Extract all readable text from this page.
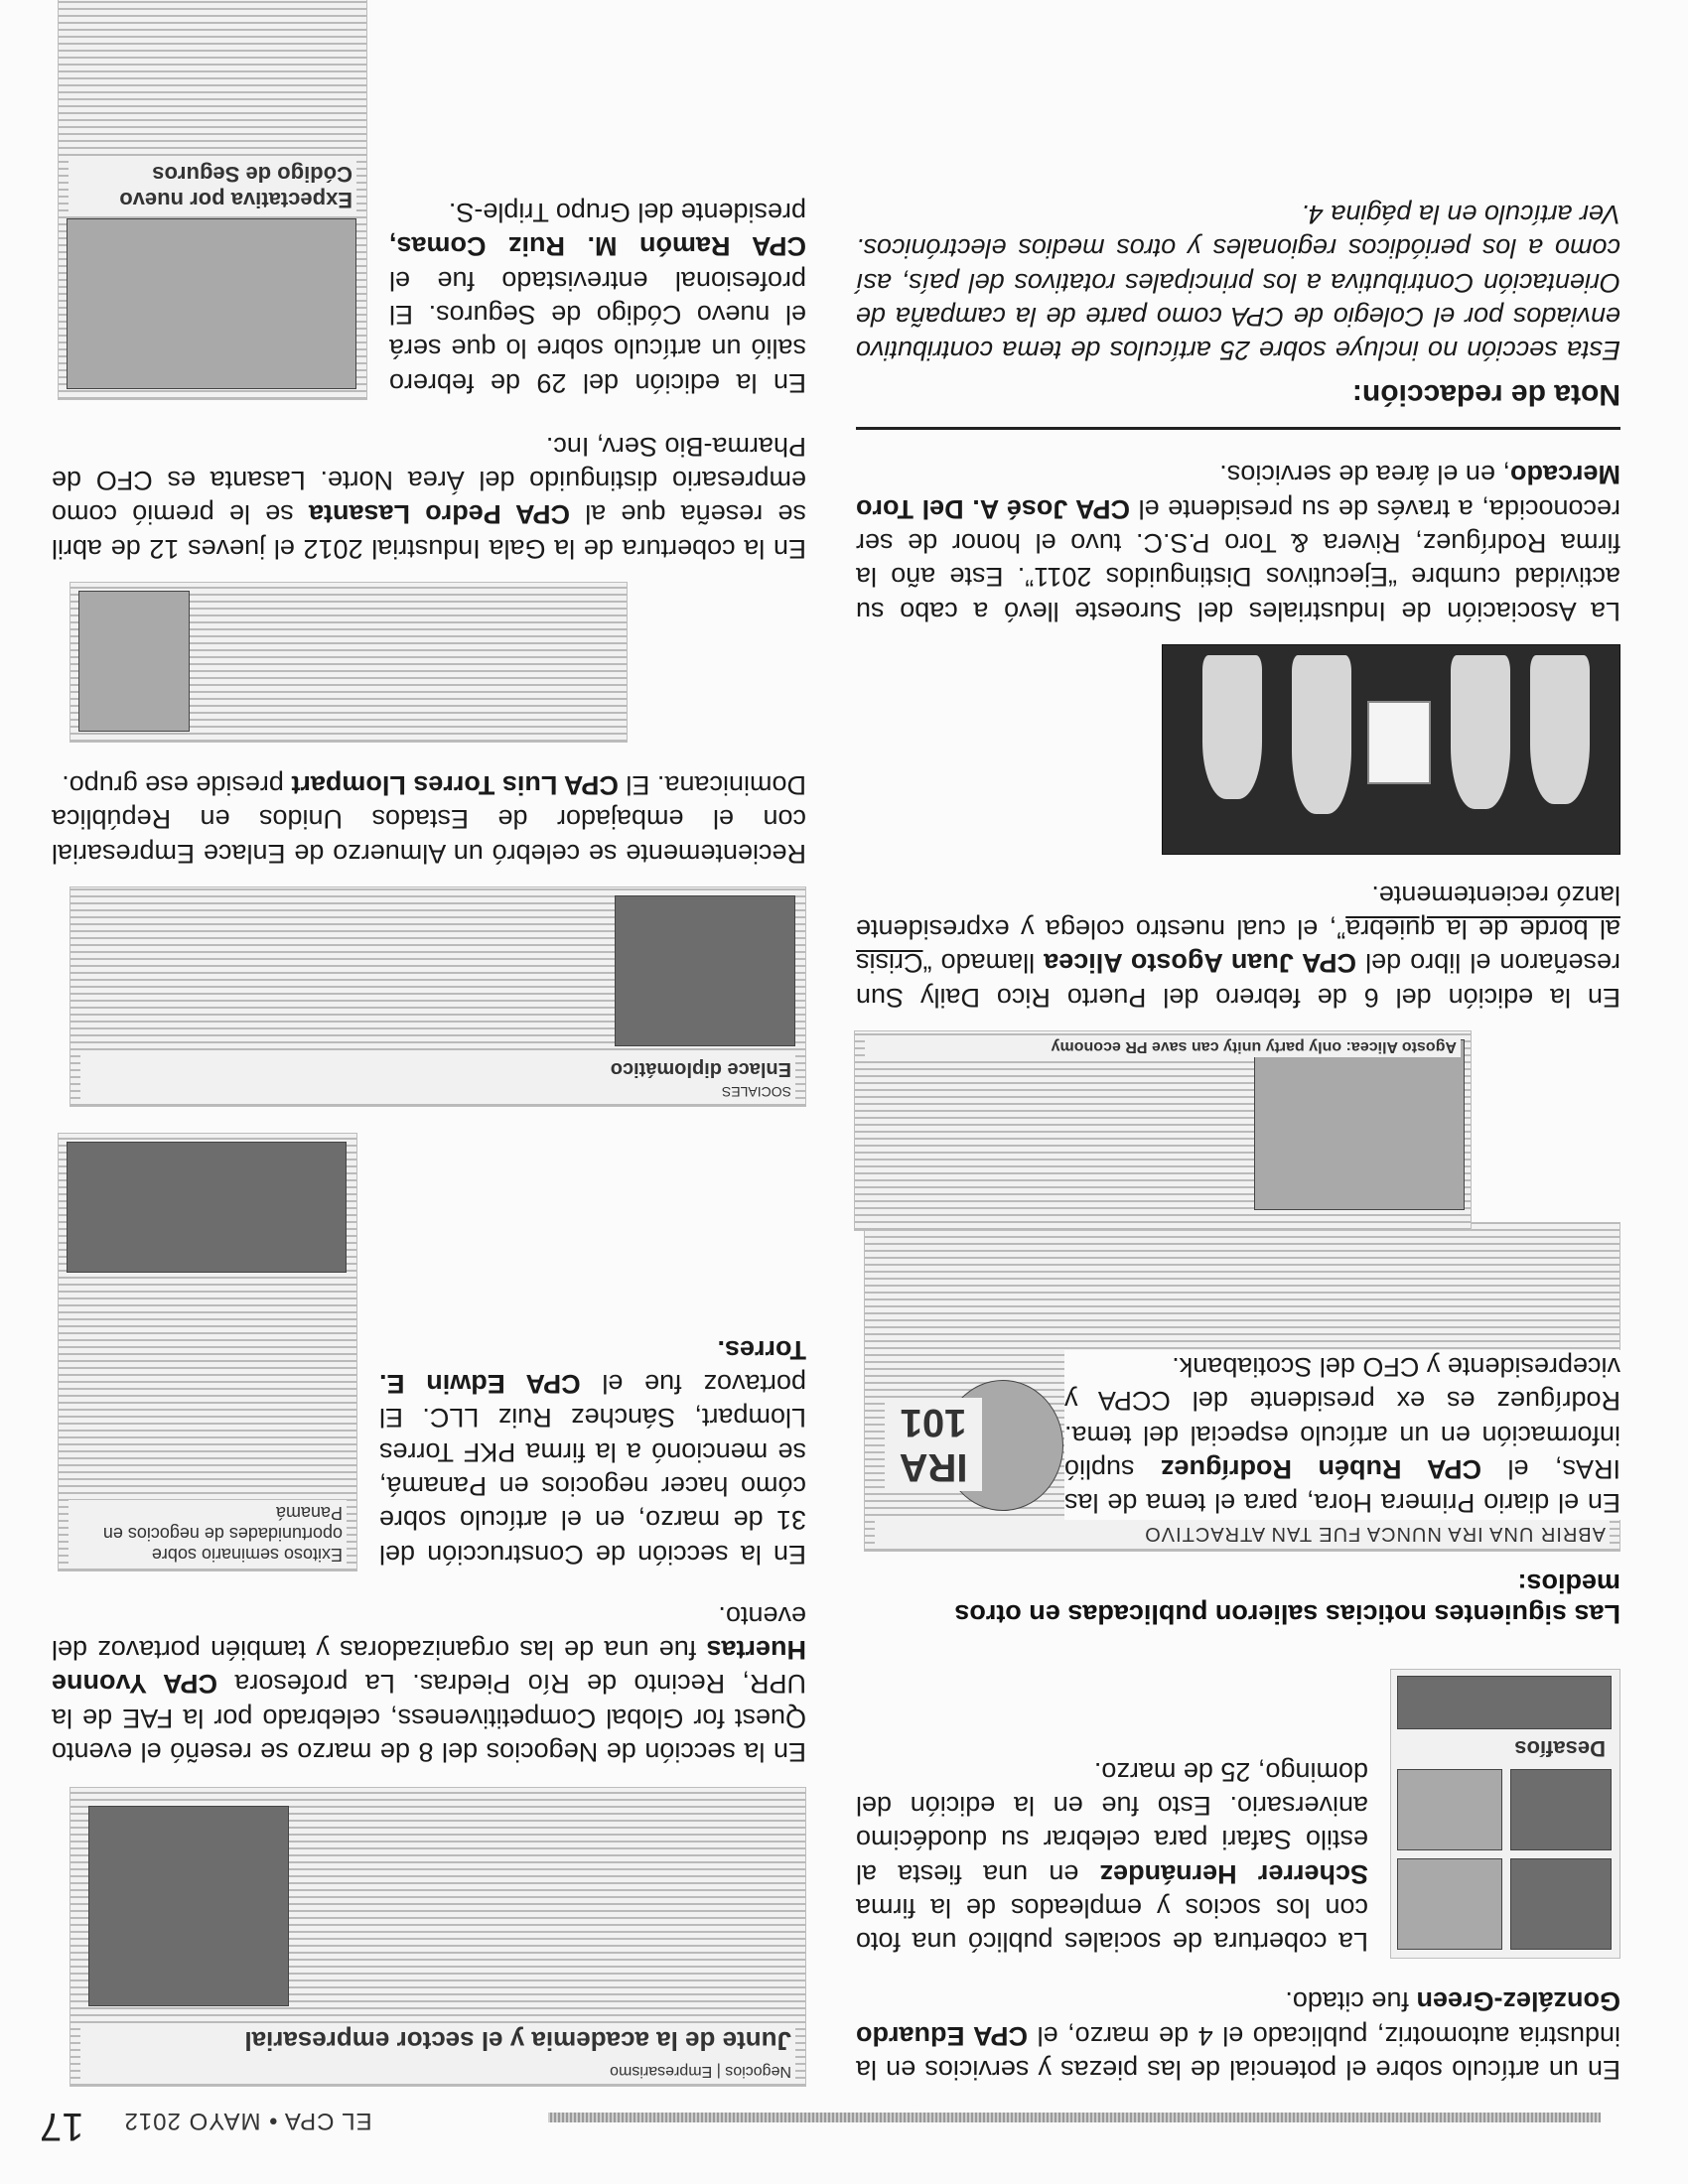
EL CPA • MAYO 2012
17

En un artículo sobre el potencial de las piezas y servicios en la industria automotriz, publicado el 4 de marzo, el CPA Eduardo González-Green fue citado.

Desafíos

La cobertura de sociales publicó una foto con los socios y empleados de la firma Scherrer Hernández en una fiesta al estilo Safari para celebrar su duodécimo aniversario. Esto fue en la edición del domingo, 25 de marzo.

Las siguientes noticias salieron publicadas en otros medios:
ABRIR UNA IRA NUNCA FUE TAN ATRACTIVO
IRA 101

En el diario Primera Hora, para el tema de las IRAs, el CPA Rubén Rodríguez suplió información en un artículo especial del tema. Rodríguez es ex presidente del CCPA y vicepresidente y CFO del Scotiabank.

Agosto Alicea: only party unity can save PR economy

En la edición del 6 de febrero del Puerto Rico Daily Sun reseñaron el libro del CPA Juan Agosto Alicea llamado “Crisis al borde de la quiebra”, el cual nuestro colega y expresidente lanzó recientemente.

La Asociación de Industriales del Suroeste llevó a cabo su actividad cumbre “Ejecutivos Distinguidos 2011”. Este año la firma Rodríguez, Rivera & Toro P.S.C. tuvo el honor de ser reconocida, a través de su presidente el CPA José A. Del Toro Mercado, en el área de servicios.

Nota de redacción:

Esta sección no incluye sobre 25 artículos de tema contributivo enviados por el Colegio de CPA como parte de la campaña de Orientación Contributiva a los principales rotativos del país, así como a los periódicos regionales y otros medios electrónicos. Ver artículo en la página 4.

Negocios | Empresarismo
Junte de la academia y el sector empresarial

En la sección de Negocios del 8 de marzo se reseñó el evento Quest for Global Competitiveness, celebrado por la FAE de la UPR, Recinto de Río Piedras. La profesora CPA Yvonne Huertas fue una de las organizadoras y también portavoz del evento.

En la sección de Construcción del 31 de marzo, en el artículo sobre cómo hacer negocios en Panamá, se mencionó a la firma PKF Torres Llompart, Sánchez Ruiz LLC. El portavoz fue el CPA Edwin E. Torres.

Exitoso seminario sobre oportunidades de negocios en Panamá
SOCIALES
Enlace diplomático

Recientemente se celebró un Almuerzo de Enlace Empresarial con el embajador de Estados Unidos en República Dominicana. El CPA Luis Torres Llompart preside ese grupo.

En la cobertura de la Gala Industrial 2012 el jueves 12 de abril se reseña que al CPA Pedro Lasanta se le premió como empresario distinguido del Área Norte. Lasanta es CFO de Pharma-Bio Serv, Inc.

En la edición del 29 de febrero salió un artículo sobre lo que será el nuevo Código de Seguros. El profesional entrevistado fue el CPA Ramón M. Ruiz Comas, presidente del Grupo Triple-S.

Expectativa por nuevo Código de Seguros
